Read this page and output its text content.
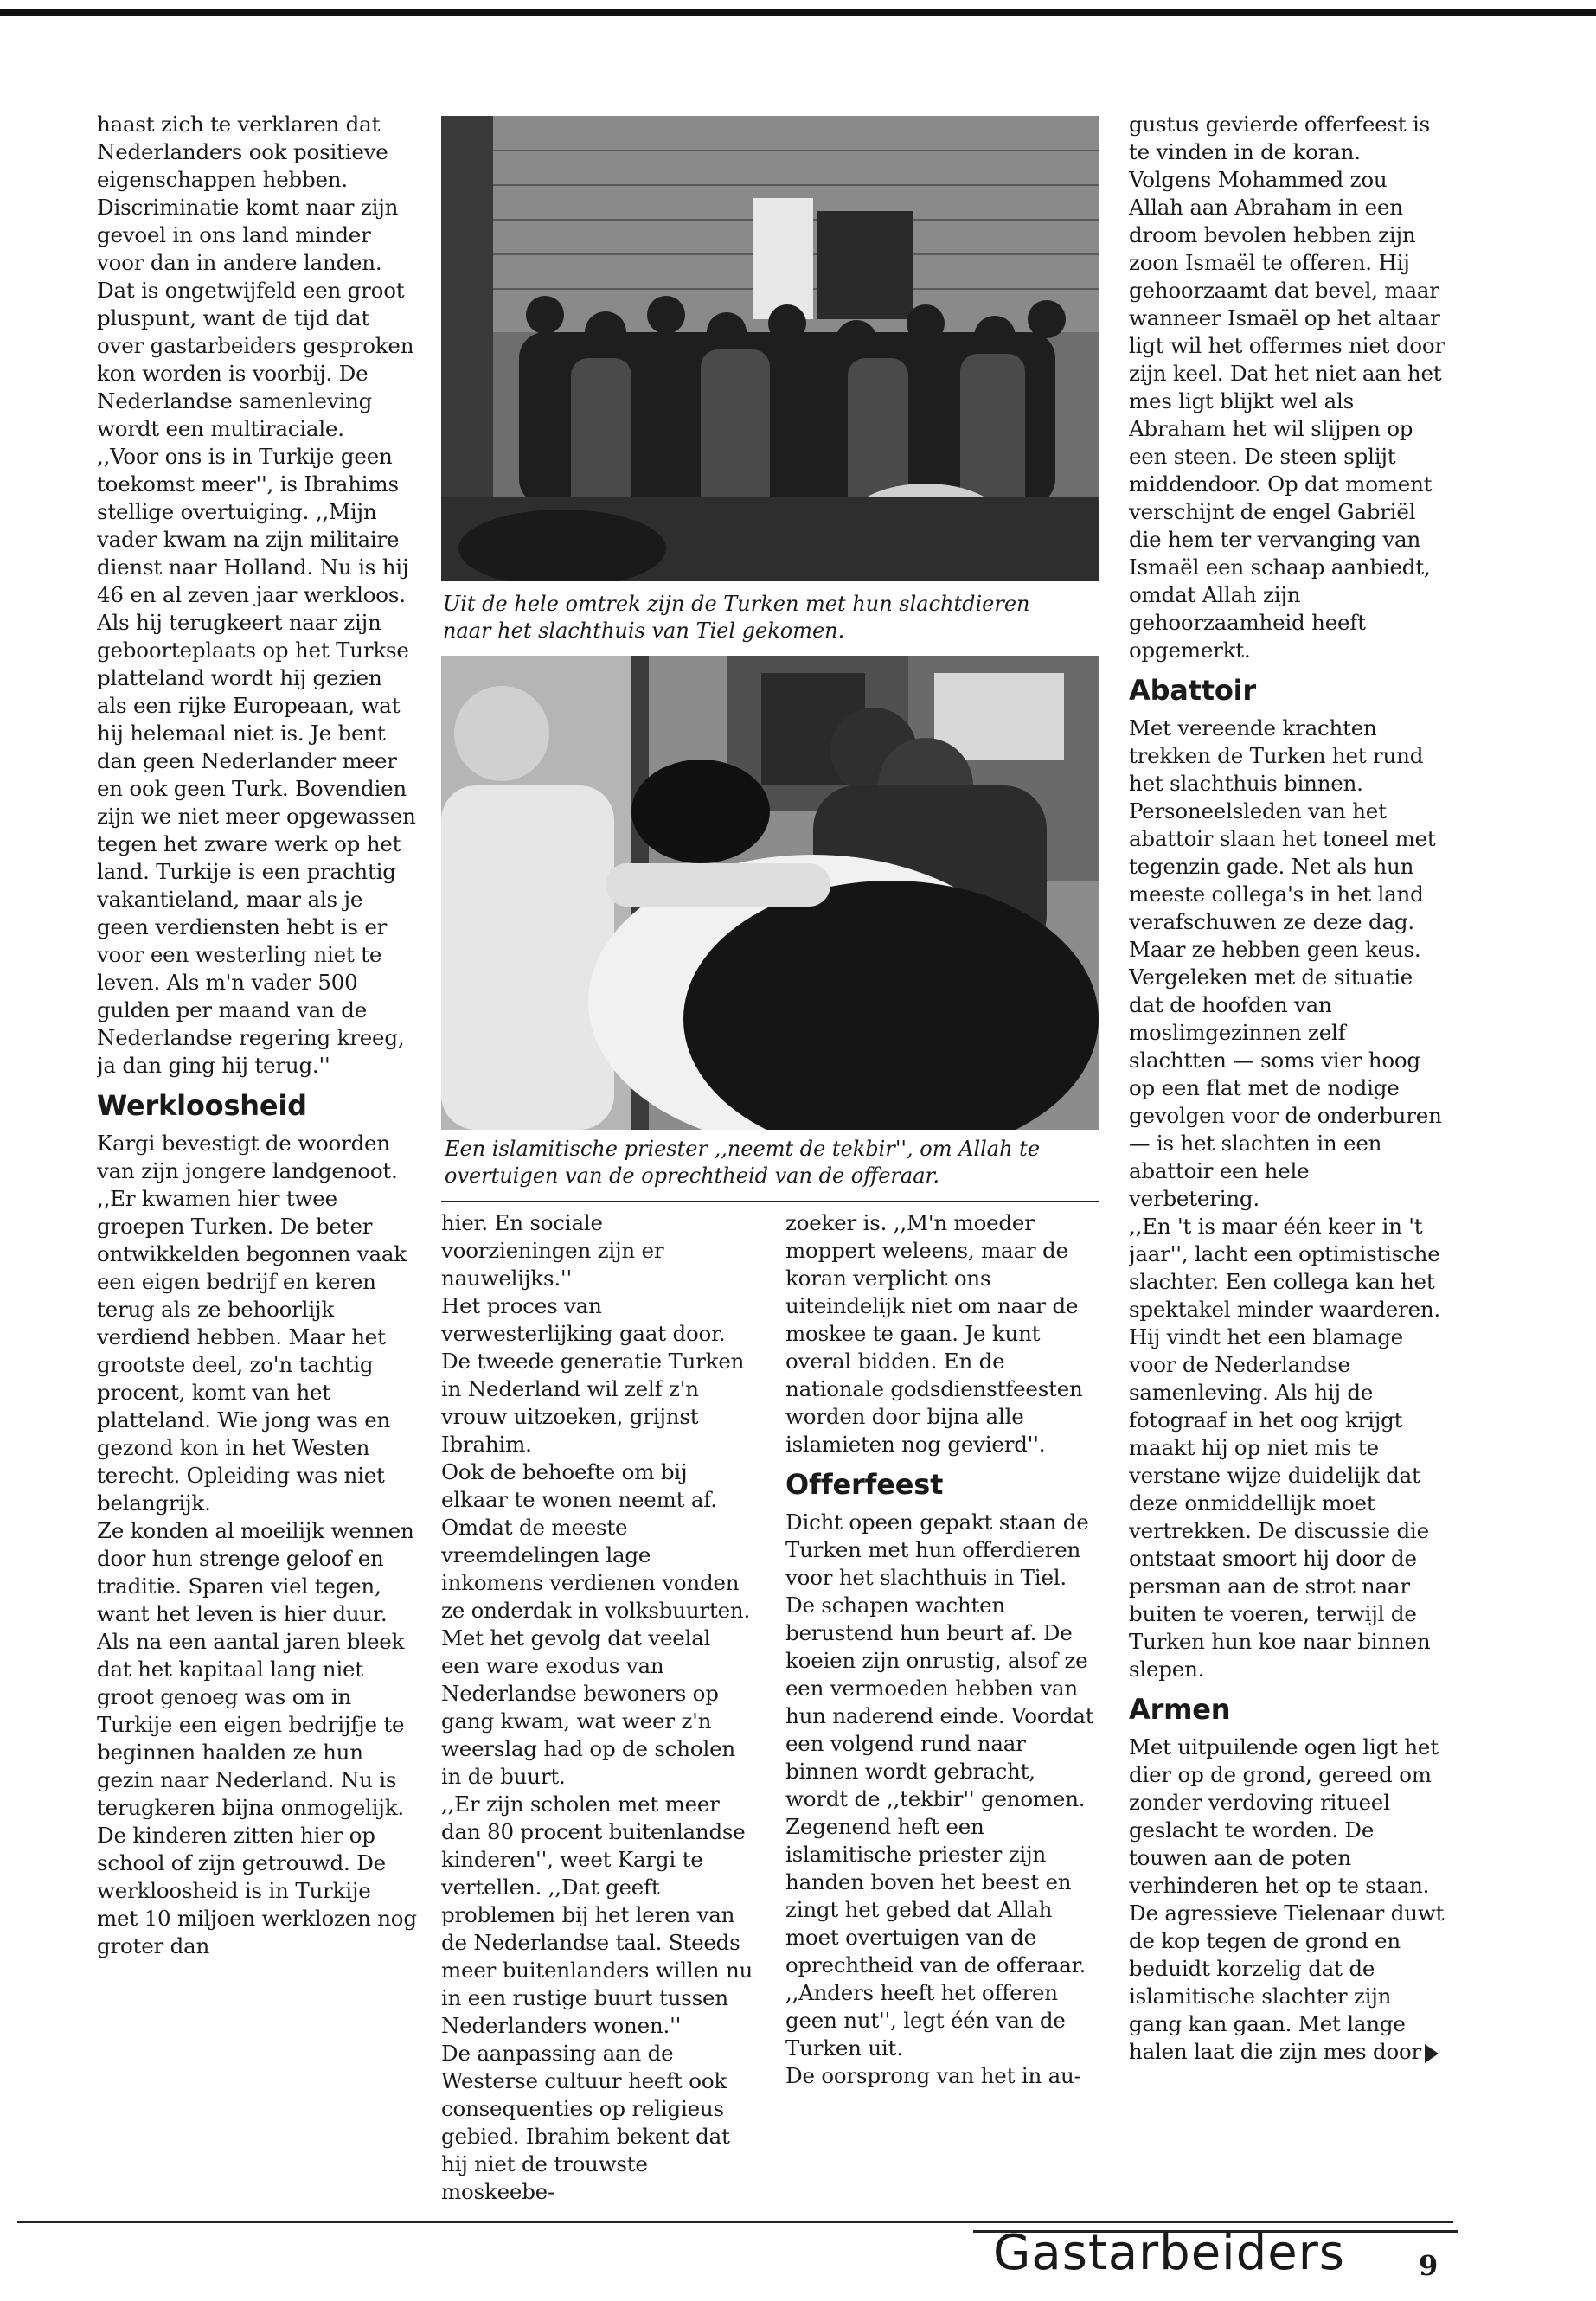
haast zich te verklaren dat Nederlanders ook positieve eigenschappen hebben. Discriminatie komt naar zijn gevoel in ons land minder voor dan in andere landen. Dat is ongetwijfeld een groot pluspunt, want de tijd dat over gastarbeiders gesproken kon worden is voorbij. De Nederlandse samenleving wordt een multiraciale.

,,Voor ons is in Turkije geen toekomst meer'', is Ibrahims stellige overtuiging. ,,Mijn vader kwam na zijn militaire dienst naar Holland. Nu is hij 46 en al zeven jaar werkloos. Als hij terugkeert naar zijn geboorteplaats op het Turkse platteland wordt hij gezien als een rijke Europeaan, wat hij helemaal niet is. Je bent dan geen Nederlander meer en ook geen Turk. Bovendien zijn we niet meer opgewassen tegen het zware werk op het land. Turkije is een prachtig vakantieland, maar als je geen verdiensten hebt is er voor een westerling niet te leven. Als m'n vader 500 gulden per maand van de Nederlandse regering kreeg, ja dan ging hij terug.''

Werkloosheid

Kargi bevestigt de woorden van zijn jongere landgenoot. ,,Er kwamen hier twee groepen Turken. De beter ontwikkelden begonnen vaak een eigen bedrijf en keren terug als ze behoorlijk verdiend hebben. Maar het grootste deel, zo'n tachtig procent, komt van het platteland. Wie jong was en gezond kon in het Westen terecht. Opleiding was niet belangrijk.

Ze konden al moeilijk wennen door hun strenge geloof en traditie. Sparen viel tegen, want het leven is hier duur. Als na een aantal jaren bleek dat het kapitaal lang niet groot genoeg was om in Turkije een eigen bedrijfje te beginnen haalden ze hun gezin naar Nederland. Nu is terugkeren bijna onmogelijk. De kinderen zitten hier op school of zijn getrouwd. De werkloosheid is in Turkije met 10 miljoen werklozen nog groter dan

Uit de hele omtrek zijn de Turken met hun slachtdieren naar het slachthuis van Tiel gekomen.
Een islamitische priester ,,neemt de tekbir'', om Allah te overtuigen van de oprechtheid van de offeraar.

hier. En sociale voorzieningen zijn er nauwelijks.''

Het proces van verwesterlijking gaat door. De tweede generatie Turken in Nederland wil zelf z'n vrouw uitzoeken, grijnst Ibrahim.

Ook de behoefte om bij elkaar te wonen neemt af.

Omdat de meeste vreemdelingen lage inkomens verdienen vonden ze onderdak in volksbuurten. Met het gevolg dat veelal een ware exodus van Nederlandse bewoners op gang kwam, wat weer z'n weerslag had op de scholen in de buurt.

,,Er zijn scholen met meer dan 80 procent buitenlandse kinderen'', weet Kargi te vertellen. ,,Dat geeft problemen bij het leren van de Nederlandse taal. Steeds meer buitenlanders willen nu in een rustige buurt tussen Nederlanders wonen.''

De aanpassing aan de Westerse cultuur heeft ook consequenties op religieus gebied. Ibrahim bekent dat hij niet de trouwste moskeebe-

zoeker is. ,,M'n moeder moppert weleens, maar de koran verplicht ons uiteindelijk niet om naar de moskee te gaan. Je kunt overal bidden. En de nationale godsdienstfeesten worden door bijna alle islamieten nog gevierd''.

Offerfeest

Dicht opeen gepakt staan de Turken met hun offerdieren voor het slachthuis in Tiel. De schapen wachten berustend hun beurt af. De koeien zijn onrustig, alsof ze een vermoeden hebben van hun naderend einde. Voordat een volgend rund naar binnen wordt gebracht, wordt de ,,tekbir'' genomen. Zegenend heft een islamitische priester zijn handen boven het beest en zingt het gebed dat Allah moet overtuigen van de oprechtheid van de offeraar. ,,Anders heeft het offeren geen nut'', legt één van de Turken uit.

De oorsprong van het in au-

gustus gevierde offerfeest is te vinden in de koran. Volgens Mohammed zou Allah aan Abraham in een droom bevolen hebben zijn zoon Ismaël te offeren. Hij gehoorzaamt dat bevel, maar wanneer Ismaël op het altaar ligt wil het offermes niet door zijn keel. Dat het niet aan het mes ligt blijkt wel als Abraham het wil slijpen op een steen. De steen splijt middendoor. Op dat moment verschijnt de engel Gabriël die hem ter vervanging van Ismaël een schaap aanbiedt, omdat Allah zijn gehoorzaamheid heeft opgemerkt.

Abattoir

Met vereende krachten trekken de Turken het rund het slachthuis binnen. Personeelsleden van het abattoir slaan het toneel met tegenzin gade. Net als hun meeste collega's in het land verafschuwen ze deze dag. Maar ze hebben geen keus. Vergeleken met de situatie dat de hoofden van moslimgezinnen zelf slachtten — soms vier hoog op een flat met de nodige gevolgen voor de onderburen — is het slachten in een abattoir een hele verbetering.

,,En 't is maar één keer in 't jaar'', lacht een optimistische slachter. Een collega kan het spektakel minder waarderen. Hij vindt het een blamage voor de Nederlandse samenleving. Als hij de fotograaf in het oog krijgt maakt hij op niet mis te verstane wijze duidelijk dat deze onmiddellijk moet vertrekken. De discussie die ontstaat smoort hij door de persman aan de strot naar buiten te voeren, terwijl de Turken hun koe naar binnen slepen.

Armen

Met uitpuilende ogen ligt het dier op de grond, gereed om zonder verdoving ritueel geslacht te worden. De touwen aan de poten verhinderen het op te staan. De agressieve Tielenaar duwt de kop tegen de grond en beduidt korzelig dat de islamitische slachter zijn gang kan gaan. Met lange halen laat die zijn mes door

Gastarbeiders	9
